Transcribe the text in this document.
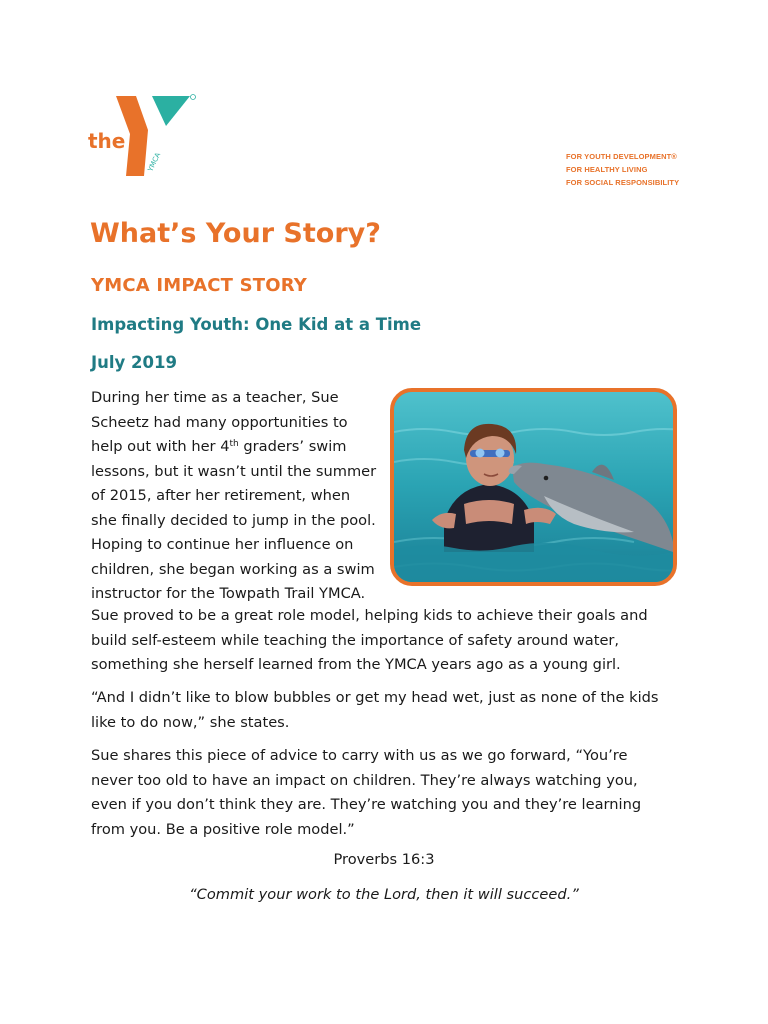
the
YMCA	FOR YOUTH DEVELOPMENT®
FOR HEALTHY LIVING
FOR SOCIAL RESPONSIBILITY
What’s Your Story?
YMCA IMPACT STORY
Impacting Youth: One Kid at a Time
July 2019

During her time as a teacher, Sue
Scheetz had many opportunities to
help out with her 4th graders’ swim
lessons, but it wasn’t until the summer
of 2015, after her retirement, when
she finally decided to jump in the pool.
Hoping to continue her influence on
children, she began working as a swim
instructor for the Towpath Trail YMCA.

Sue proved to be a great role model, helping kids to achieve their goals and
build self-esteem while teaching the importance of safety around water,
something she herself learned from the YMCA years ago as a young girl.

“And I didn’t like to blow bubbles or get my head wet, just as none of the kids
like to do now,” she states.

Sue shares this piece of advice to carry with us as we go forward, “You’re
never too old to have an impact on children. They’re always watching you,
even if you don’t think they are. They’re watching you and they’re learning
from you. Be a positive role model.”

Proverbs 16:3

“Commit your work to the Lord, then it will succeed.”
